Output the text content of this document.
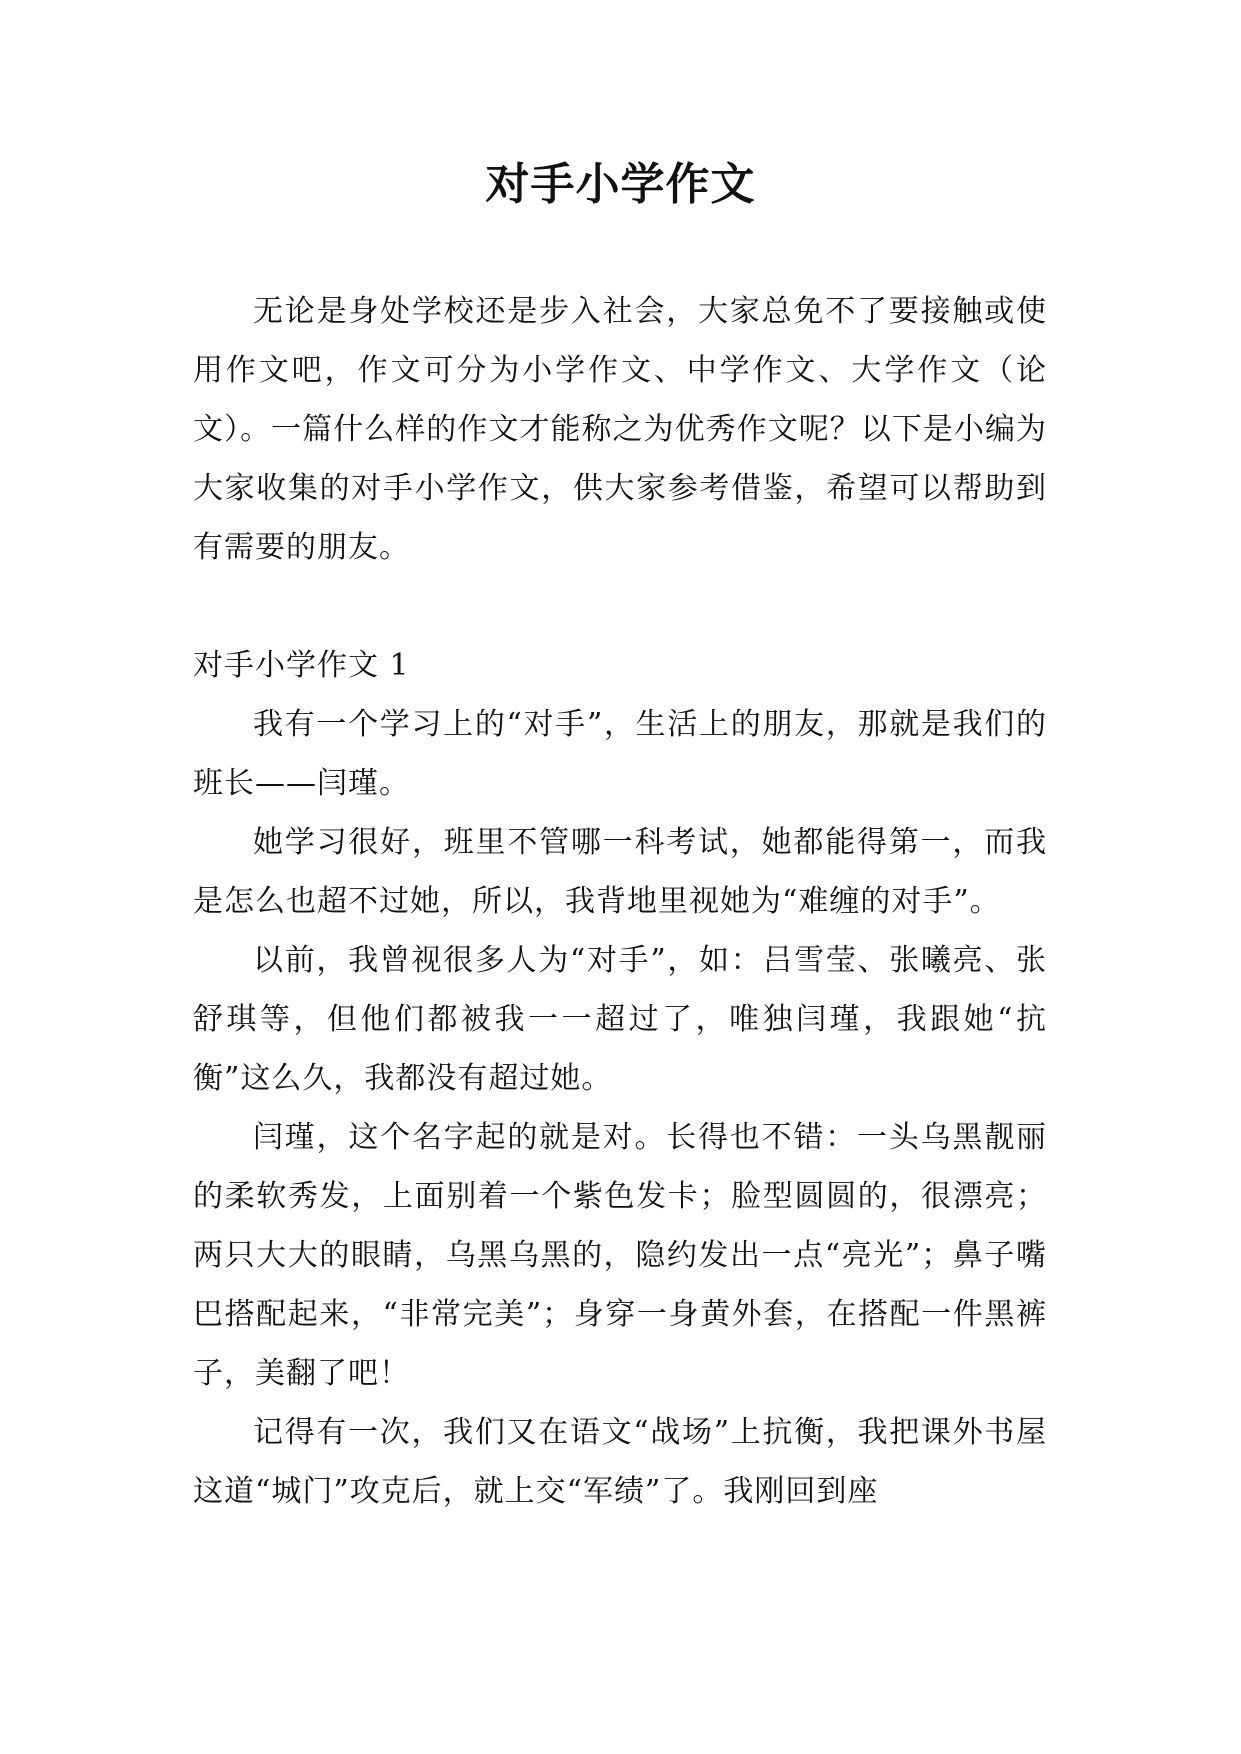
对手小学作文

无论是身处学校还是步入社会，大家总免不了要接触或使用作文吧，作文可分为小学作文、中学作文、大学作文（论文）。一篇什么样的作文才能称之为优秀作文呢？以下是小编为大家收集的对手小学作文，供大家参考借鉴，希望可以帮助到有需要的朋友。

对手小学作文 1

我有一个学习上的“对手”，生活上的朋友，那就是我们的班长——闫瑾。

她学习很好，班里不管哪一科考试，她都能得第一，而我是怎么也超不过她，所以，我背地里视她为“难缠的对手”。

以前，我曾视很多人为“对手”，如：吕雪莹、张曦亮、张舒琪等，但他们都被我一一超过了，唯独闫瑾，我跟她“抗衡”这么久，我都没有超过她。

闫瑾，这个名字起的就是对。长得也不错：一头乌黑靓丽的柔软秀发，上面别着一个紫色发卡；脸型圆圆的，很漂亮；两只大大的眼睛，乌黑乌黑的，隐约发出一点“亮光”；鼻子嘴巴搭配起来，“非常完美”；身穿一身黄外套，在搭配一件黑裤子，美翻了吧！

记得有一次，我们又在语文“战场”上抗衡，我把课外书屋这道“城门”攻克后，就上交“军绩”了。我刚回到座
